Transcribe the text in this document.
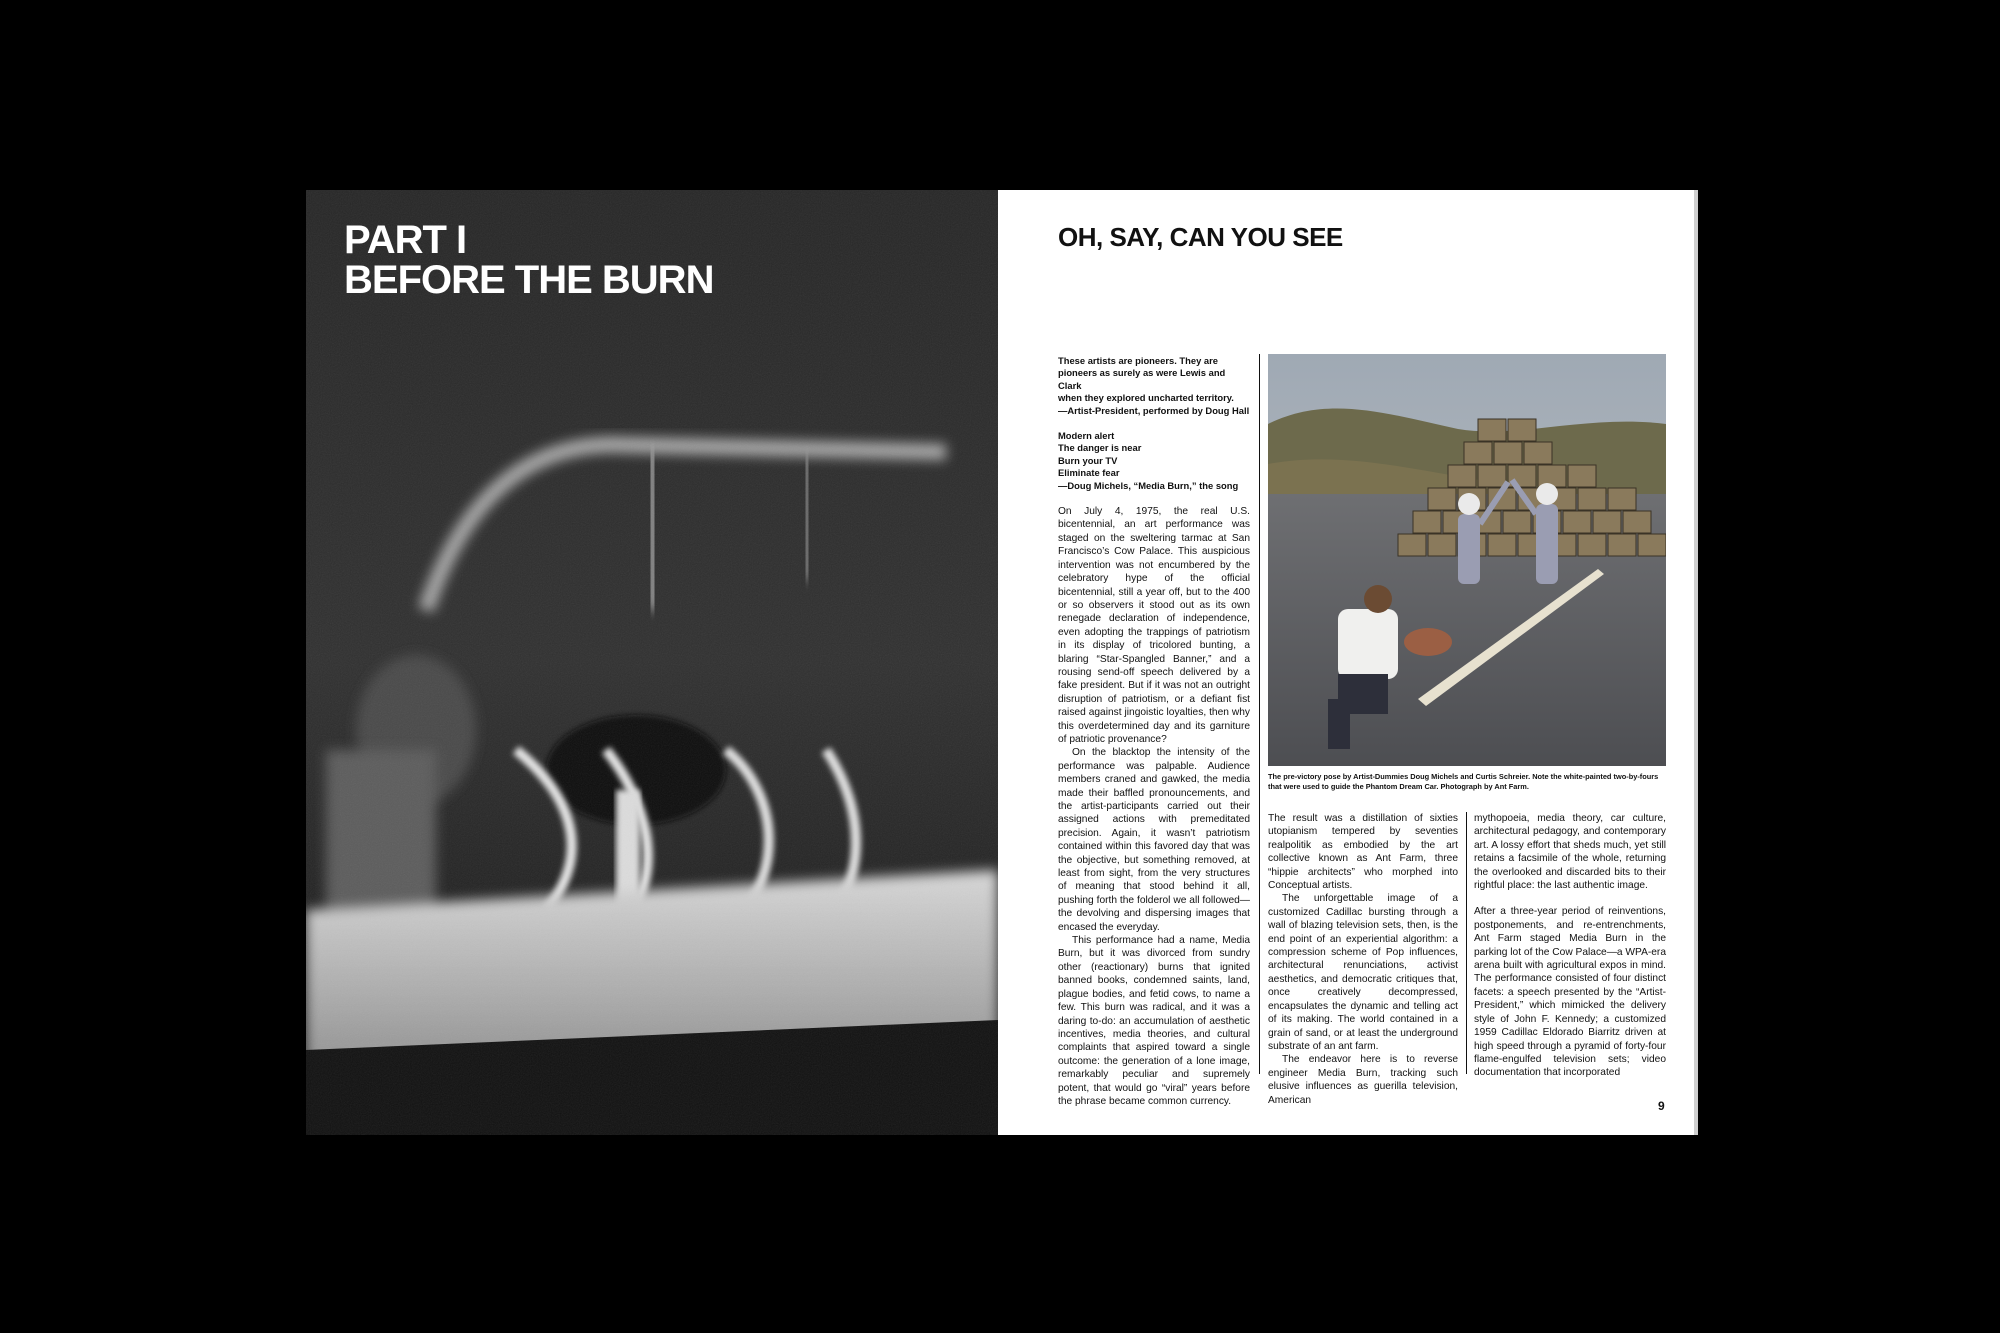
PART I
BEFORE THE BURN
OH, SAY, CAN YOU SEE

These artists are pioneers. They are
pioneers as surely as were Lewis and Clark
when they explored uncharted territory.
—Artist-President, performed by Doug Hall

Modern alert
The danger is near
Burn your TV
Eliminate fear
—Doug Michels, “Media Burn,” the song

On July 4, 1975, the real U.S. bicentennial, an art performance was staged on the sweltering tarmac at San Francisco’s Cow Palace. This auspicious intervention was not encumbered by the celebratory hype of the official bicentennial, still a year off, but to the 400 or so observers it stood out as its own renegade declaration of independence, even adopting the trappings of patriotism in its display of tricolored bunting, a blaring “Star-Spangled Banner,” and a rousing send-off speech delivered by a fake president. But if it was not an outright disruption of patriotism, or a defiant fist raised against jingoistic loyalties, then why this overdetermined day and its garniture of patriotic provenance?

On the blacktop the intensity of the performance was palpable. Audience members craned and gawked, the media made their baffled pronouncements, and the artist-participants carried out their assigned actions with premeditated precision. Again, it wasn’t patriotism contained within this favored day that was the objective, but something removed, at least from sight, from the very structures of meaning that stood behind it all, pushing forth the folderol we all followed—the devolving and dispersing images that encased the everyday.

This performance had a name, Media Burn, but it was divorced from sundry other (reactionary) burns that ignited banned books, condemned saints, land, plague bodies, and fetid cows, to name a few. This burn was radical, and it was a daring to-do: an accumulation of aesthetic incentives, media theories, and cultural complaints that aspired toward a single outcome: the generation of a lone image, remarkably peculiar and supremely potent, that would go “viral” years before the phrase became common currency.

The pre-victory pose by Artist-Dummies Doug Michels and Curtis Schreier. Note the white-painted two-by-fours that were used to guide the Phantom Dream Car. Photograph by Ant Farm.

The result was a distillation of sixties utopianism tempered by seventies realpolitik as embodied by the art collective known as Ant Farm, three “hippie architects” who morphed into Conceptual artists.

The unforgettable image of a customized Cadillac bursting through a wall of blazing television sets, then, is the end point of an experiential algorithm: a compression scheme of Pop influences, architectural renunciations, activist aesthetics, and democratic critiques that, once creatively decompressed, encapsulates the dynamic and telling act of its making. The world contained in a grain of sand, or at least the underground substrate of an ant farm.

The endeavor here is to reverse engineer Media Burn, tracking such elusive influences as guerilla television, American

mythopoeia, media theory, car culture, architectural pedagogy, and contemporary art. A lossy effort that sheds much, yet still retains a facsimile of the whole, returning the overlooked and discarded bits to their rightful place: the last authentic image.

After a three-year period of reinventions, postponements, and re-entrenchments, Ant Farm staged Media Burn in the parking lot of the Cow Palace—a WPA-era arena built with agricultural expos in mind. The performance consisted of four distinct facets: a speech presented by the “Artist-President,” which mimicked the delivery style of John F. Kennedy; a customized 1959 Cadillac Eldorado Biarritz driven at high speed through a pyramid of forty-four flame-engulfed television sets; video documentation that incorporated

9
